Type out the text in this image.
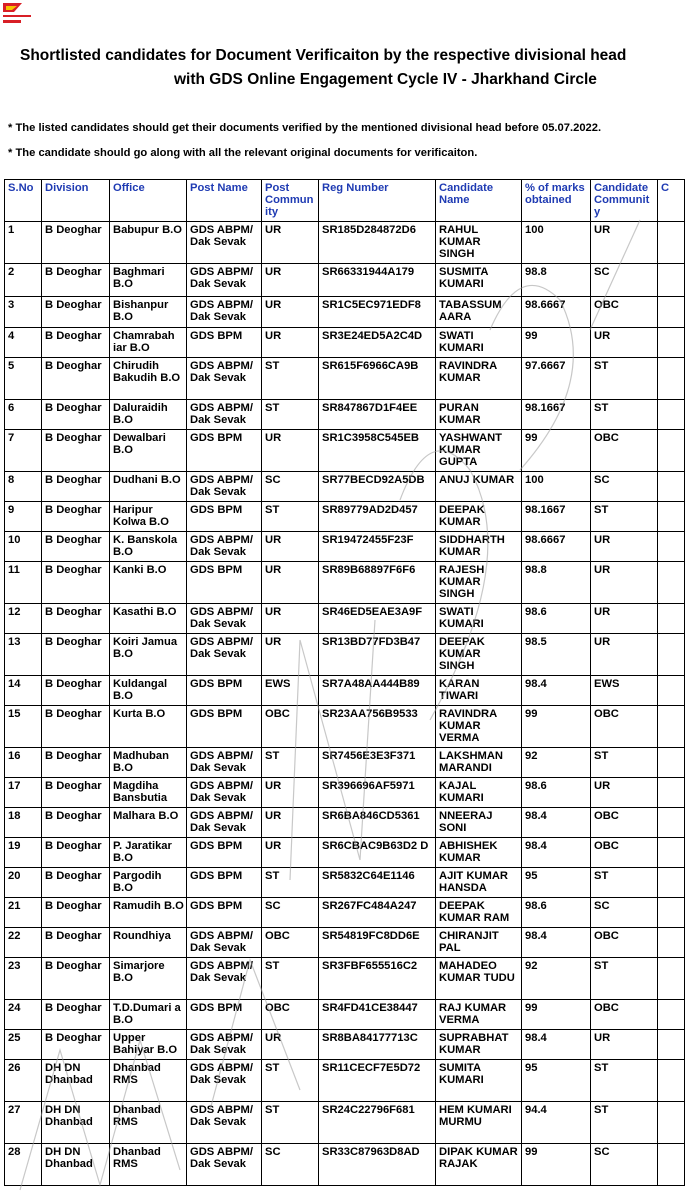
Shortlisted candidates for Document Verificaiton by the respective divisional head
with GDS Online Engagement Cycle IV - Jharkhand Circle
* The listed candidates should get their documents verified by the mentioned divisional head before 05.07.2022.
* The candidate should go along with all the relevant original documents for verificaiton.
S.No	Division	Office	Post Name	Post Community	Reg Number	Candidate Name	% of marks obtained	Candidate Community	C
1	B Deoghar	Babupur B.O	GDS ABPM/ Dak Sevak	UR	SR185D284872D6	RAHUL KUMAR SINGH	100	UR	
2	B Deoghar	Baghmari B.O	GDS ABPM/ Dak Sevak	UR	SR66331944A179	SUSMITA KUMARI	98.8	SC	
3	B Deoghar	Bishanpur B.O	GDS ABPM/ Dak Sevak	UR	SR1C5EC971EDF8	TABASSUM AARA	98.6667	OBC	
4	B Deoghar	Chamrabah iar B.O	GDS BPM	UR	SR3E24ED5A2C4D	SWATI KUMARI	99	UR	
5	B Deoghar	Chirudih Bakudih B.O	GDS ABPM/ Dak Sevak	ST	SR615F6966CA9B	RAVINDRA KUMAR	97.6667	ST	
6	B Deoghar	Daluraidih B.O	GDS ABPM/ Dak Sevak	ST	SR847867D1F4EE	PURAN KUMAR	98.1667	ST	
7	B Deoghar	Dewalbari B.O	GDS BPM	UR	SR1C3958C545EB	YASHWANT KUMAR GUPTA	99	OBC	
8	B Deoghar	Dudhani B.O	GDS ABPM/ Dak Sevak	SC	SR77BECD92A5DB	ANUJ KUMAR	100	SC	
9	B Deoghar	Haripur Kolwa B.O	GDS BPM	ST	SR89779AD2D457	DEEPAK KUMAR	98.1667	ST	
10	B Deoghar	K. Banskola B.O	GDS ABPM/ Dak Sevak	UR	SR19472455F23F	SIDDHARTH KUMAR	98.6667	UR	
11	B Deoghar	Kanki B.O	GDS BPM	UR	SR89B68897F6F6	RAJESH KUMAR SINGH	98.8	UR	
12	B Deoghar	Kasathi B.O	GDS ABPM/ Dak Sevak	UR	SR46ED5EAE3A9F	SWATI KUMARI	98.6	UR	
13	B Deoghar	Koiri Jamua B.O	GDS ABPM/ Dak Sevak	UR	SR13BD77FD3B47	DEEPAK KUMAR SINGH	98.5	UR	
14	B Deoghar	Kuldangal B.O	GDS BPM	EWS	SR7A48AA444B89	KARAN TIWARI	98.4	EWS	
15	B Deoghar	Kurta B.O	GDS BPM	OBC	SR23AA756B9533	RAVINDRA KUMAR VERMA	99	OBC	
16	B Deoghar	Madhuban B.O	GDS ABPM/ Dak Sevak	ST	SR7456E3E3F371	LAKSHMAN MARANDI	92	ST	
17	B Deoghar	Magdiha Bansbutia	GDS ABPM/ Dak Sevak	UR	SR396696AF5971	KAJAL KUMARI	98.6	UR	
18	B Deoghar	Malhara B.O	GDS ABPM/ Dak Sevak	UR	SR6BA846CD5361	NNEERAJ SONI	98.4	OBC	
19	B Deoghar	P. Jaratikar B.O	GDS BPM	UR	SR6CBAC9B63D2 D	ABHISHEK KUMAR	98.4	OBC	
20	B Deoghar	Pargodih B.O	GDS BPM	ST	SR5832C64E1146	AJIT KUMAR HANSDA	95	ST	
21	B Deoghar	Ramudih B.O	GDS BPM	SC	SR267FC484A247	DEEPAK KUMAR RAM	98.6	SC	
22	B Deoghar	Roundhiya	GDS ABPM/ Dak Sevak	OBC	SR54819FC8DD6E	CHIRANJIT PAL	98.4	OBC	
23	B Deoghar	Simarjore B.O	GDS ABPM/ Dak Sevak	ST	SR3FBF655516C2	MAHADEO KUMAR TUDU	92	ST	
24	B Deoghar	T.D.Dumari a B.O	GDS BPM	OBC	SR4FD41CE38447	RAJ KUMAR VERMA	99	OBC	
25	B Deoghar	Upper Bahiyar B.O	GDS ABPM/ Dak Sevak	UR	SR8BA84177713C	SUPRABHAT KUMAR	98.4	UR	
26	DH DN Dhanbad	Dhanbad RMS	GDS ABPM/ Dak Sevak	ST	SR11CECF7E5D72	SUMITA KUMARI	95	ST	
27	DH DN Dhanbad	Dhanbad RMS	GDS ABPM/ Dak Sevak	ST	SR24C22796F681	HEM KUMARI MURMU	94.4	ST	
28	DH DN Dhanbad	Dhanbad RMS	GDS ABPM/ Dak Sevak	SC	SR33C87963D8AD	DIPAK KUMAR RAJAK	99	SC	
